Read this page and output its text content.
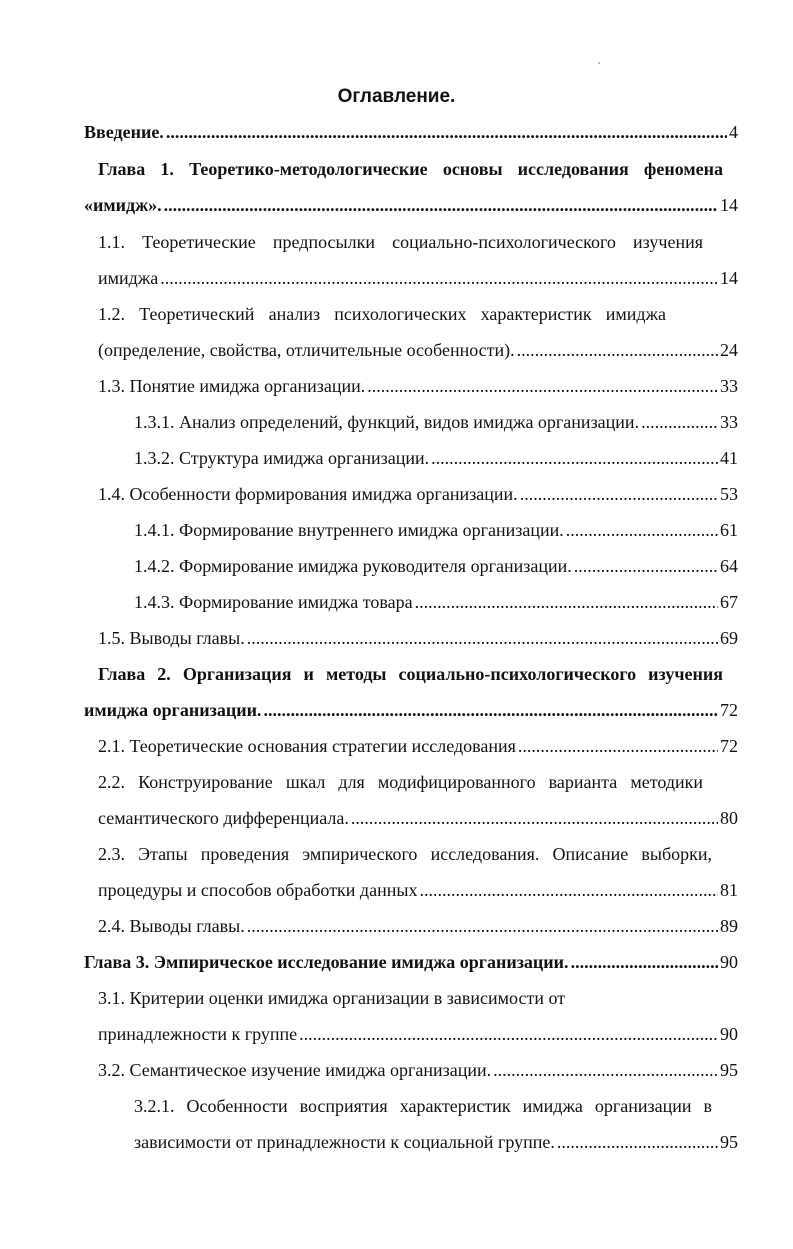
Оглавление.
Введение. .....	4
Глава 1. Теоретико-методологические основы исследования феномена
«имидж». .....	14
1.1. Теоретические предпосылки социально-психологического изучения
имиджа .....	14
1.2. Теоретический анализ психологических характеристик имиджа
(определение, свойства, отличительные особенности). .....	24
1.3. Понятие имиджа организации. .....	33
1.3.1. Анализ определений, функций, видов имиджа организации. .....	33
1.3.2. Структура имиджа организации. .....	41
1.4. Особенности формирования имиджа организации. .....	53
1.4.1. Формирование внутреннего имиджа организации. .....	61
1.4.2. Формирование имиджа руководителя организации. .....	64
1.4.3. Формирование имиджа товара .....	67
1.5. Выводы главы. .....	69
Глава 2. Организация и методы социально-психологического изучения
имиджа организации. .....	72
2.1. Теоретические основания стратегии исследования .....	72
2.2. Конструирование шкал для модифицированного варианта методики
семантического дифференциала. .....	80
2.3. Этапы проведения эмпирического исследования. Описание выборки,
процедуры и способов обработки данных .....	81
2.4. Выводы главы. .....	89
Глава 3. Эмпирическое исследование имиджа организации. .....	90
3.1. Критерии оценки имиджа организации в зависимости от
принадлежности к группе .....	90
3.2. Семантическое изучение имиджа организации. .....	95
3.2.1. Особенности восприятия характеристик имиджа организации в
зависимости от принадлежности к социальной группе. .....	95
